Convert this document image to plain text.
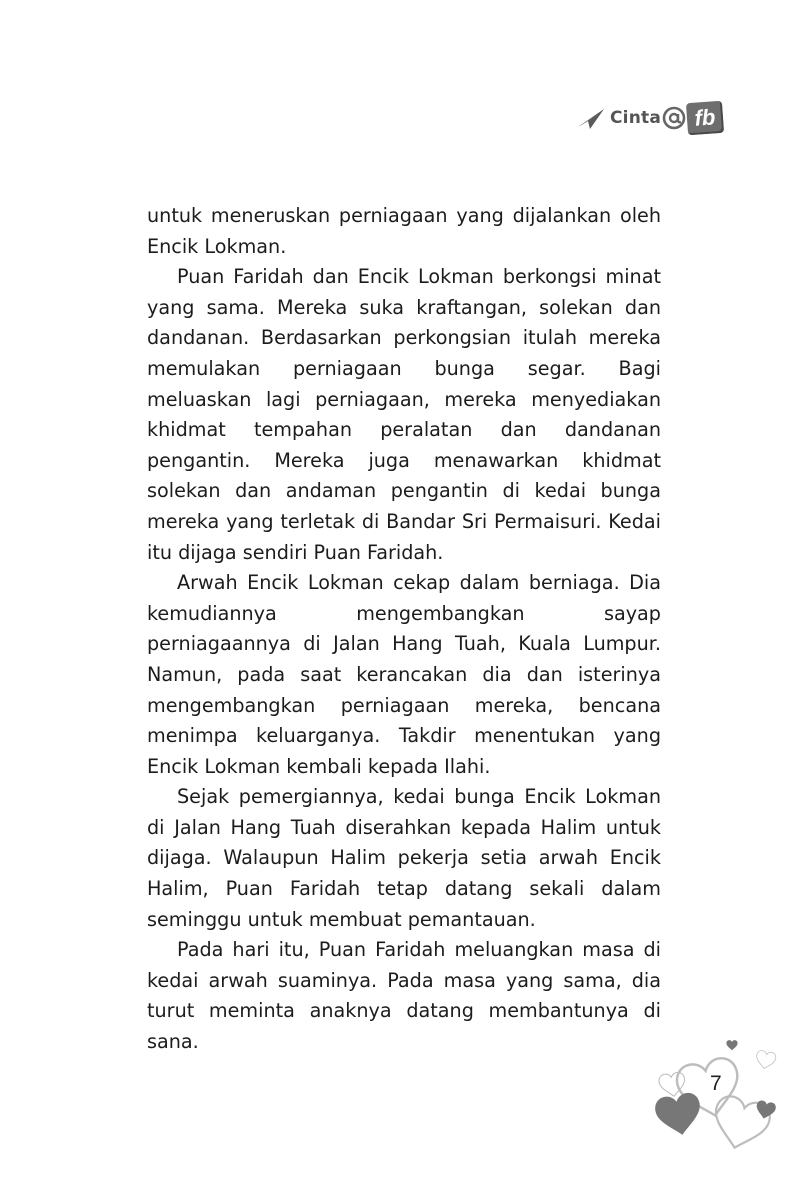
Cinta	fb

untuk meneruskan perniagaan yang dijalankan oleh Encik Lokman.

Puan Faridah dan Encik Lokman berkongsi minat yang sama. Mereka suka kraftangan, solekan dan dandanan. Berdasarkan perkongsian itulah mereka memulakan perniagaan bunga segar. Bagi meluaskan lagi perniagaan, mereka menyediakan khidmat tempahan peralatan dan dandanan pengantin. Mereka juga menawarkan khidmat solekan dan andaman pengantin di kedai bunga mereka yang terletak di Bandar Sri Permaisuri. Kedai itu dijaga sendiri Puan Faridah.

Arwah Encik Lokman cekap dalam berniaga. Dia kemudiannya mengembangkan sayap perniagaannya di Jalan Hang Tuah, Kuala Lumpur. Namun, pada saat kerancakan dia dan isterinya mengembangkan perniagaan mereka, bencana menimpa keluarganya. Takdir menentukan yang Encik Lokman kembali kepada Ilahi.

Sejak pemergiannya, kedai bunga Encik Lokman di Jalan Hang Tuah diserahkan kepada Halim untuk dijaga. Walaupun Halim pekerja setia arwah Encik Halim, Puan Faridah tetap datang sekali dalam seminggu untuk membuat pemantauan.

Pada hari itu, Puan Faridah meluangkan masa di kedai arwah suaminya. Pada masa yang sama, dia turut meminta anaknya datang membantunya di sana.

7
